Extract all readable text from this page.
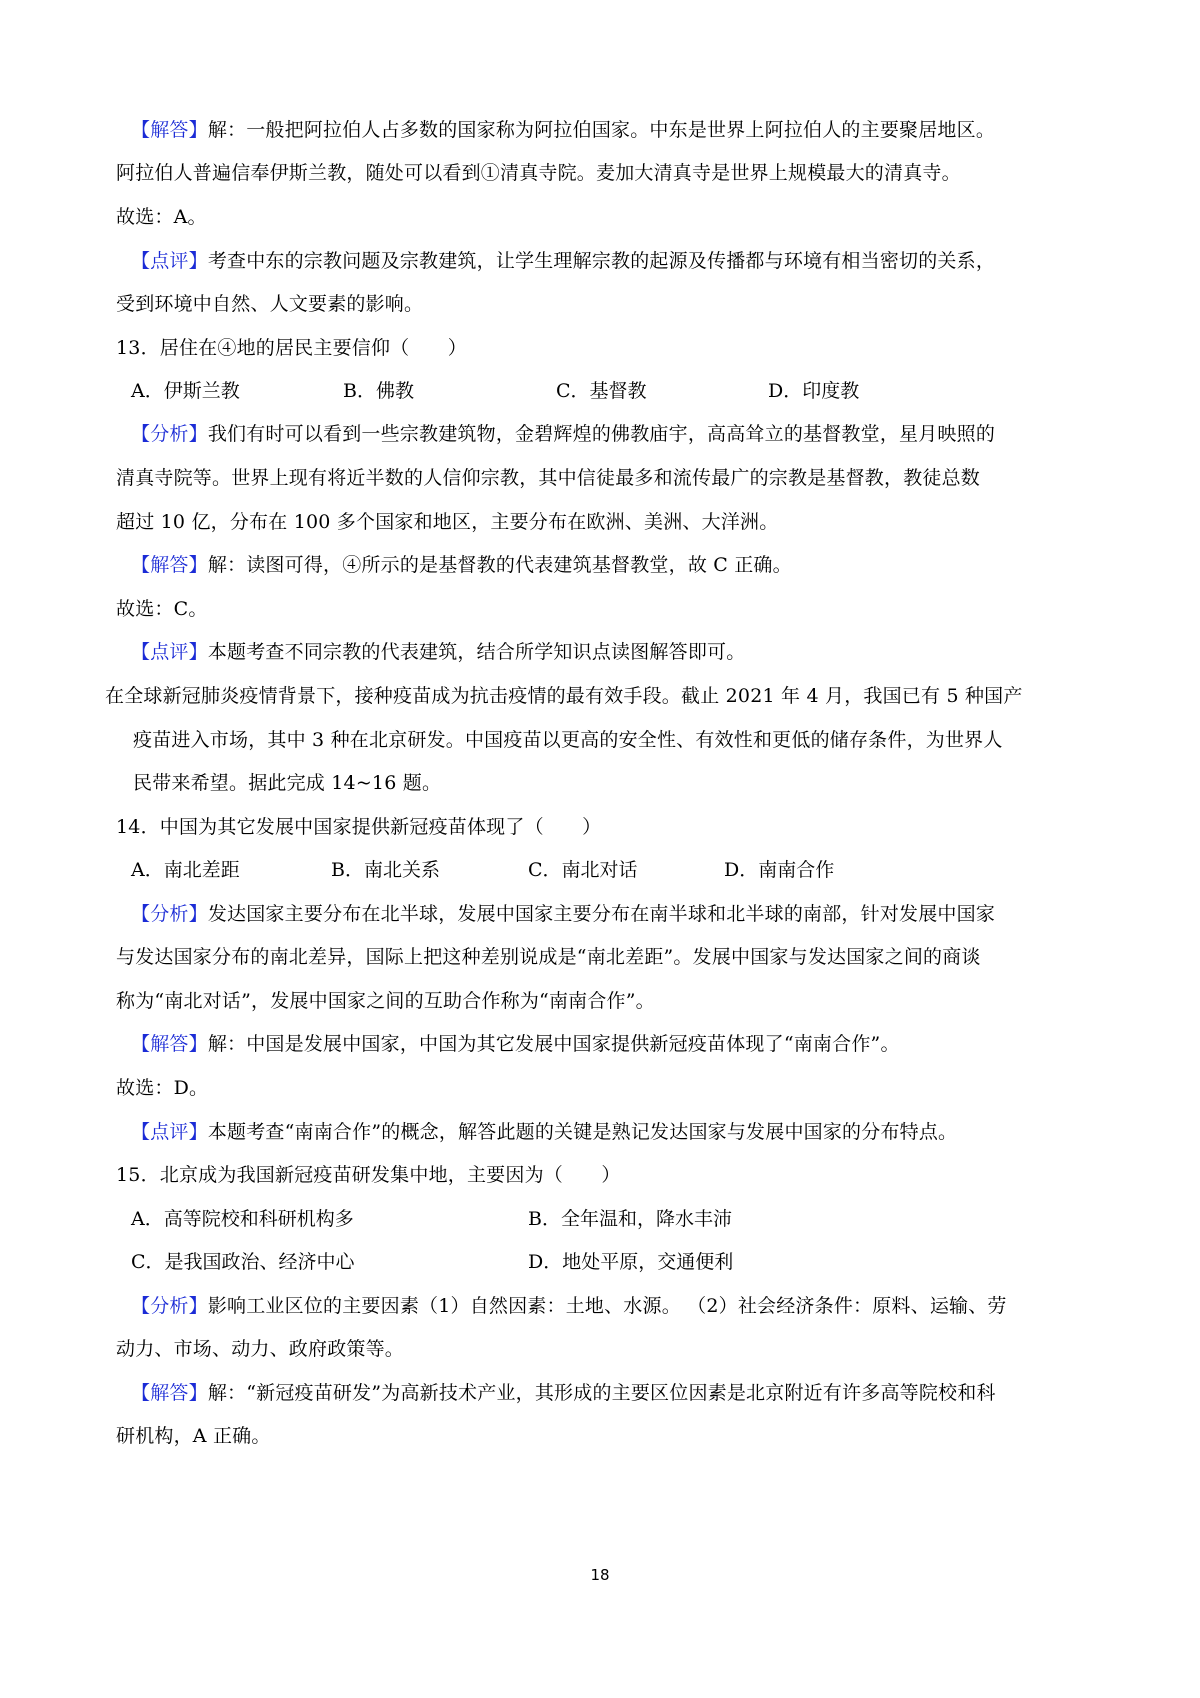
【解答】解：一般把阿拉伯人占多数的国家称为阿拉伯国家。中东是世界上阿拉伯人的主要聚居地区。
阿拉伯人普遍信奉伊斯兰教，随处可以看到①清真寺院。麦加大清真寺是世界上规模最大的清真寺。
故选：A。
【点评】考查中东的宗教问题及宗教建筑，让学生理解宗教的起源及传播都与环境有相当密切的关系，
受到环境中自然、人文要素的影响。
13．居住在④地的居民主要信仰（　　）
A．伊斯兰教	B．佛教	C．基督教	D．印度教
【分析】我们有时可以看到一些宗教建筑物，金碧辉煌的佛教庙宇，高高耸立的基督教堂，星月映照的
清真寺院等。世界上现有将近半数的人信仰宗教，其中信徒最多和流传最广的宗教是基督教，教徒总数
超过 10 亿，分布在 100 多个国家和地区，主要分布在欧洲、美洲、大洋洲。
【解答】解：读图可得，④所示的是基督教的代表建筑基督教堂，故 C 正确。
故选：C。
【点评】本题考查不同宗教的代表建筑，结合所学知识点读图解答即可。
在全球新冠肺炎疫情背景下，接种疫苗成为抗击疫情的最有效手段。截止 2021 年 4 月，我国已有 5 种国产
疫苗进入市场，其中 3 种在北京研发。中国疫苗以更高的安全性、有效性和更低的储存条件，为世界人
民带来希望。据此完成 14~16 题。
14．中国为其它发展中国家提供新冠疫苗体现了（　　）
A．南北差距	B．南北关系	C．南北对话	D．南南合作
【分析】发达国家主要分布在北半球，发展中国家主要分布在南半球和北半球的南部，针对发展中国家
与发达国家分布的南北差异，国际上把这种差别说成是“南北差距”。发展中国家与发达国家之间的商谈
称为“南北对话”，发展中国家之间的互助合作称为“南南合作”。
【解答】解：中国是发展中国家，中国为其它发展中国家提供新冠疫苗体现了“南南合作”。
故选：D。
【点评】本题考查“南南合作”的概念，解答此题的关键是熟记发达国家与发展中国家的分布特点。
15．北京成为我国新冠疫苗研发集中地，主要因为（　　）
A．高等院校和科研机构多	B．全年温和，降水丰沛
C．是我国政治、经济中心	D．地处平原，交通便利
【分析】影响工业区位的主要因素（1）自然因素：土地、水源。 （2）社会经济条件：原料、运输、劳
动力、市场、动力、政府政策等。
【解答】解：“新冠疫苗研发”为高新技术产业，其形成的主要区位因素是北京附近有许多高等院校和科
研机构，A 正确。
18
